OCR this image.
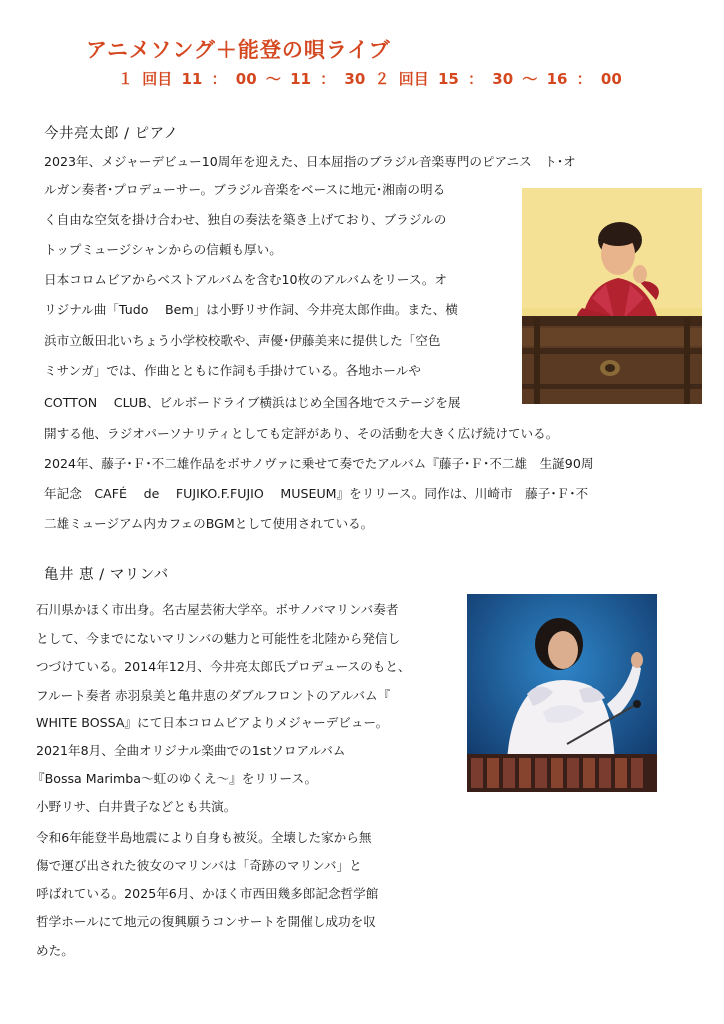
アニメソング＋能登の唄ライブ
１ 回目 11 ： 00 ～ 11 ： 30 ２ 回目 15 ： 30 ～ 16 ： 00
今井亮太郎 / ピアノ
2023年、メジャーデビュー10周年を迎えた、日本屈指のブラジル音楽専門のピアニス　ト･オ
ルガン奏者･プロデューサー。ブラジル音楽をベースに地元･湘南の明る
く自由な空気を掛け合わせ、独自の奏法を築き上げており、ブラジルの
トップミュージシャンからの信頼も厚い。
日本コロムビアからベストアルバムを含む10枚のアルバムをリース。オ
リジナル曲「Tudo　 Bem」は小野リサ作詞、今井亮太郎作曲。また、横
浜市立飯田北いちょう小学校校歌や、声優･伊藤美来に提供した「空色
ミサンガ」では、作曲とともに作詞も手掛けている。各地ホールや
COTTON　 CLUB、ビルボードライブ横浜はじめ全国各地でステージを展
開する他、ラジオパーソナリティとしても定評があり、その活動を大きく広げ続けている。
2024年、藤子･Ｆ･不二雄作品をボサノヴァに乗せて奏でたアルバム『藤子･Ｆ･不二雄　生誕90周
年記念　CAFÉ　 de　 FUJIKO.F.FUJIO　 MUSEUM』をリリース。同作は、川崎市　藤子･Ｆ･不
二雄ミュージアム内カフェのBGMとして使用されている。
亀井 恵 / マリンバ
石川県かほく市出身。名古屋芸術大学卒。ボサノバマリンバ奏者
として、今までにないマリンバの魅力と可能性を北陸から発信し
つづけている。2014年12月、今井亮太郎氏プロデュースのもと、
フルート奏者 赤羽泉美と亀井恵のダブルフロントのアルバム『
WHITE BOSSA』にて日本コロムビアよりメジャーデビュー。
2021年8月、全曲オリジナル楽曲での1stソロアルバム
『Bossa Marimba～虹のゆくえ～』をリリース。
小野リサ、白井貴子などとも共演。
令和6年能登半島地震により自身も被災。全壊した家から無
傷で運び出された彼女のマリンバは「奇跡のマリンバ」と
呼ばれている。2025年6月、かほく市西田幾多郎記念哲学館
哲学ホールにて地元の復興願うコンサートを開催し成功を収
めた。
